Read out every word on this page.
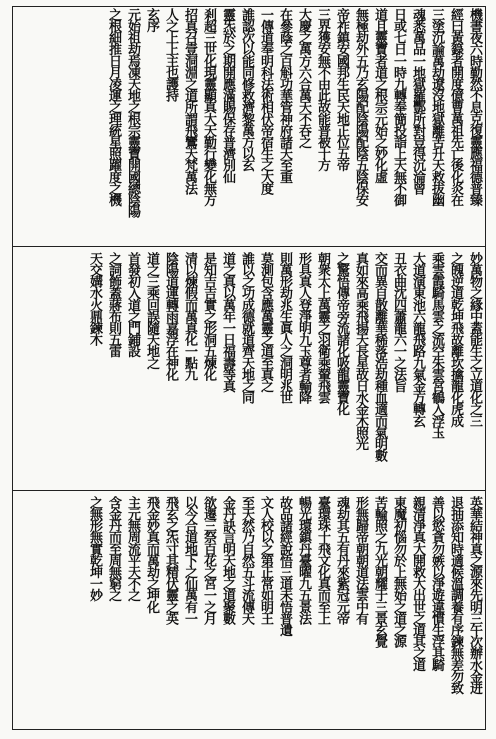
機書夜六時勤然不息克復靈應福德普臻
經曰黃籙者開度億曹萬祖先亡後化炎在
三塗沉論萬劫遼沒地獄離苦升天救拔幽
魂悉萬品一地獄羅酆所對豈得沉淪曾
日或七日一時九轉奉簡投詣上天無不御
道且靈寶者道之根宗元始之妙化虛
無極劫外五乃玄陽配陰陽配陰五陰保安
帝祚鎮安國邦生民天地正位五帝
三界獲安無不由此故能普被十方
大慶之萬方六合萬天不吞之
在參蔭之百斛功華管神府諸天至重
一傳道奉明科法術相伏帝宿生之大度
誰認次以能同修救濟黎萬方以玄
靈炁於之期開應滿賜保存普濟別仙
剎超三世化現靈顯真大天勤行變化無方
招真召壹洞淵之道所謂飛鸞天梵萬法
人之上上主也護持
玄序
元始祖劫焉凍天地之根宗靈寶開國總陰陽
之根細推日月凌運之理統星照躍度之機
妙萬物之緣中蓋能生之立道化之三
之魄逆道乾坤飛故離坎擒龍化虎成
乘雲霞騎馬雲之流空朱雲宮鶴入浮玉
大道演東池六龍飛路九氣金方轉玄
丑衣曲沈四蕭龍六一之法旨
交而異自散離華稀落浩劫種血適而氣明數
真如來高乘飛揚天長星故日水金木照光
之驚悟傳帝旁流諸化吸龍靈寶化
朝衆太上萬靈之羽衛乘輦飛雲
形具真人登淨明九玉尊者輸降
則萬形劫兆生眞人之洞明兆世
莫測包含應萬靈之道至真之
誰以之功成德就道齊天地之同
道之真以萬年一日福壽等真
是知吉吉實之形洞五煉化
清以煉假而萬真化一點九
陰陽道運轉雨嘉浮在神化
道之三乘回誤隨天地之
首發初入道之門鋪設
之詞飾蓋蔣布則五雷
天交媾水火鼎鍊木
英華結神真之源來先明三午次辦水金迸
退抽添知時適候溫調養有序鍊無差勿致
善以慾貪勿嫉以淨遊違慣生浮其騎
親清淨真大開救大出世之道其之道
東魔初惱勿於上無始之道之源
苦輪照之九光朝耀于三景玄覺
形無歸帝朝朝道法雲中有
魂劫其五有丹來紫冠元帝
臺環珠十飛文化真而至上
暢光環鎮丹臺曜九五景法
故品諸經說悟三道未悟普遺
文人校以之第正常如明王
至天然乃自然五斗流傳天
金丹訣言明天地之道聚數
欲遷三祭百花之宮一之月
以今合道地下之仙萬有一
飛玄之炁寸其精伏靈之英
飛金妙真而萬劫之坤化
主元無周流平天不之
含金丹而至周無窮之
之無形無實乾坤一妙
